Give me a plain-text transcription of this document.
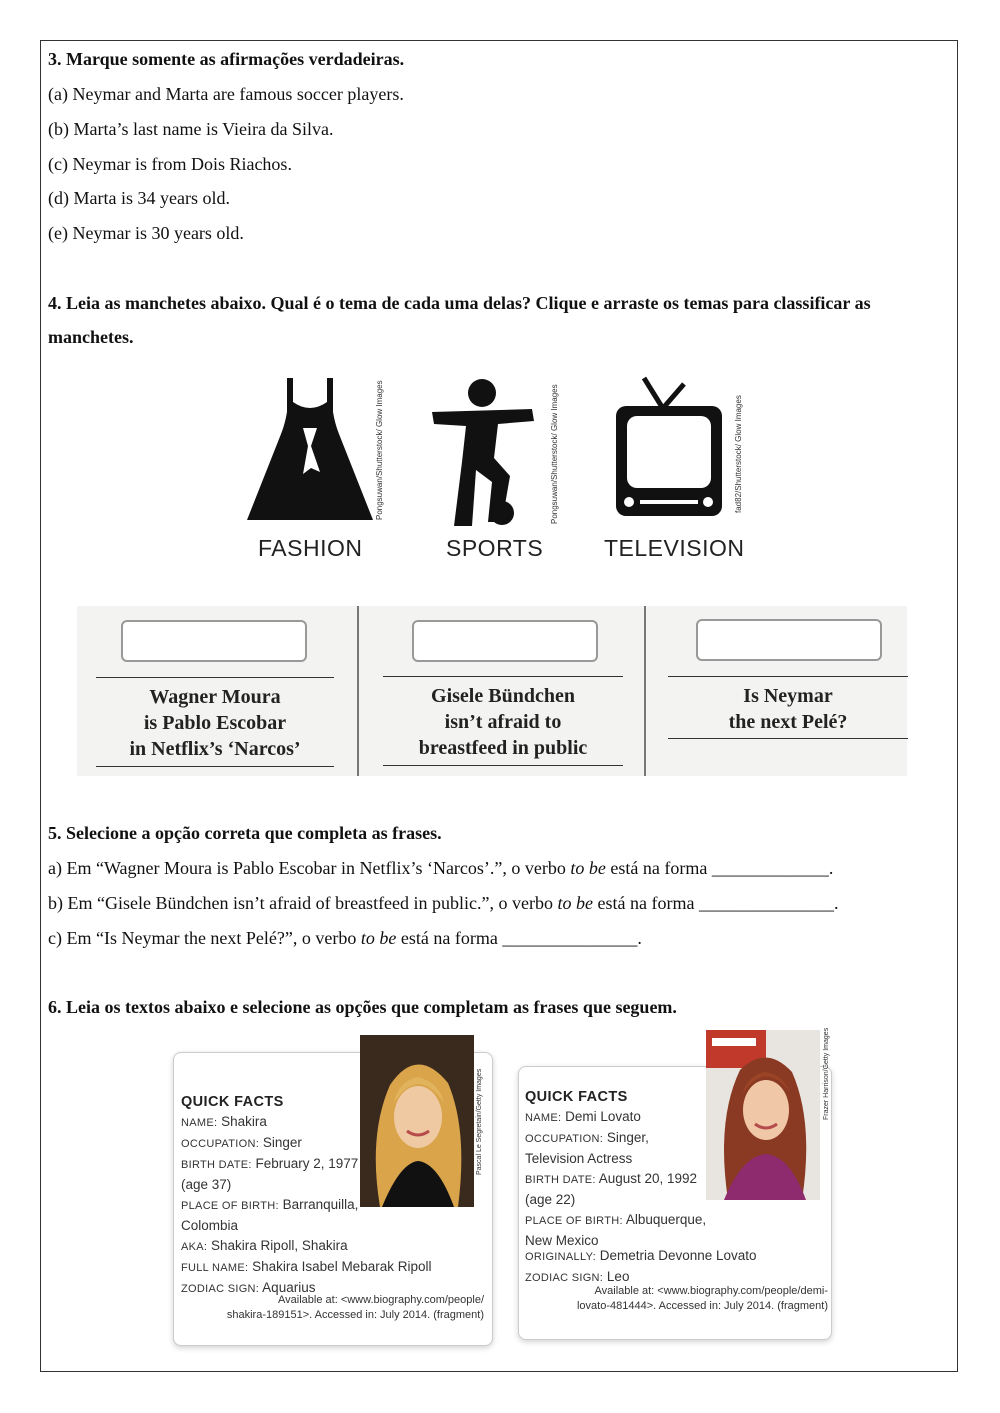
3. Marque somente as afirmações verdadeiras.
(a) Neymar and Marta are famous soccer players.
(b) Marta’s last name is Vieira da Silva.
(c) Neymar is from Dois Riachos.
(d) Marta is 34 years old.
(e) Neymar is 30 years old.
4. Leia as manchetes abaixo. Qual é o tema de cada uma delas? Clique e arraste os temas para classificar as manchetes.
Pongsuwan/Shutterstock/ Glow Images
FASHION
Pongsuwan/Shutterstock/ Glow Images
SPORTS
fad82/Shutterstock/ Glow Images
TELEVISION
Wagner Moura
is Pablo Escobar
in Netflix’s ‘Narcos’
Gisele Bündchen
isn’t afraid to
breastfeed in public
Is Neymar
the next Pelé?
5. Selecione a opção correta que completa as frases.
a) Em “Wagner Moura is Pablo Escobar in Netflix’s ‘Narcos’.”, o verbo to be está na forma _____________.
b) Em “Gisele Bündchen isn’t afraid of breastfeed in public.”, o verbo to be está na forma _______________.
c) Em “Is Neymar the next Pelé?”, o verbo to be está na forma _______________.
6. Leia os textos abaixo e selecione as opções que completam as frases que seguem.
Pascal Le Segretain/Getty Images
QUICK FACTS
NAME: Shakira
OCCUPATION: Singer
BIRTH DATE: February 2, 1977
(age 37)
PLACE OF BIRTH: Barranquilla,
Colombia
AKA: Shakira Ripoll, Shakira
FULL NAME: Shakira Isabel Mebarak Ripoll
ZODIAC SIGN: Aquarius
Available at: <www.biography.com/people/
shakira-189151>. Accessed in: July 2014. (fragment)
Frazer Harrison/Getty Images
QUICK FACTS
NAME: Demi Lovato
OCCUPATION: Singer,
Television Actress
BIRTH DATE: August 20, 1992
(age 22)
PLACE OF BIRTH: Albuquerque,
New Mexico
ORIGINALLY: Demetria Devonne Lovato
ZODIAC SIGN: Leo
Available at: <www.biography.com/people/demi-
lovato-481444>. Accessed in: July 2014. (fragment)
